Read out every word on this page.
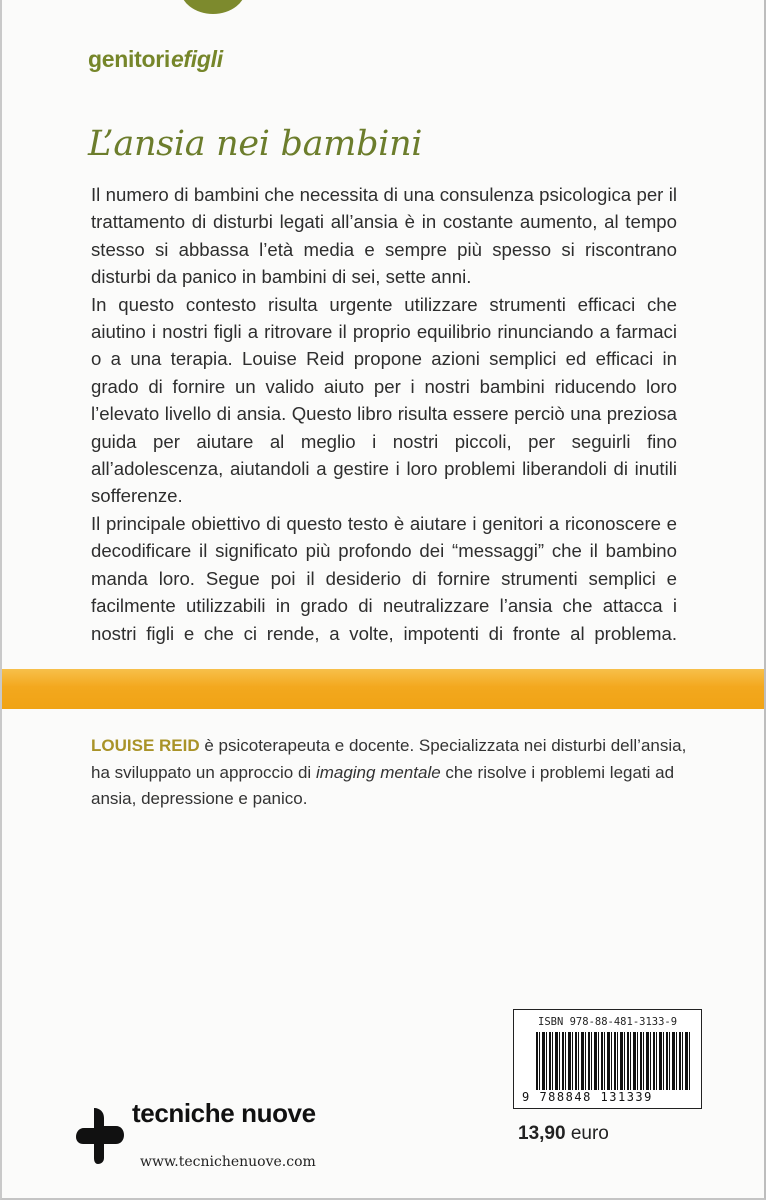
genitoriefigli
L’ansia nei bambini

Il numero di bambini che necessita di una consulenza psicologica per il trattamento di disturbi legati all’ansia è in costante aumento, al tempo stesso si abbassa l’età media e sempre più spesso si riscontrano disturbi da panico in bambini di sei, sette anni.

In questo contesto risulta urgente utilizzare strumenti efficaci che aiutino i nostri figli a ritrovare il proprio equilibrio rinunciando a farmaci o a una terapia. Louise Reid propone azioni semplici ed efficaci in grado di fornire un valido aiuto per i nostri bambini riducendo loro l’elevato livello di ansia. Questo libro risulta essere perciò una preziosa guida per aiutare al meglio i nostri piccoli, per seguirli fino all’adolescenza, aiutandoli a gestire i loro problemi liberandoli di inutili sofferenze.

Il principale obiettivo di questo testo è aiutare i genitori a riconoscere e decodificare il significato più profondo dei “messaggi” che il bambino manda loro. Segue poi il desiderio di fornire strumenti semplici e facilmente utilizzabili in grado di neutralizzare l’ansia che attacca i nostri figli e che ci rende, a volte, impotenti di fronte al problema.

LOUISE REID è psicoterapeuta e docente. Specializzata nei disturbi dell’ansia, ha sviluppato un approccio di imaging mentale che risolve i problemi legati ad ansia, depressione e panico.
ISBN 978-88-481-3133-9
9 788848 131339
13,90 euro
tecniche nuove
www.tecnichenuove.com
